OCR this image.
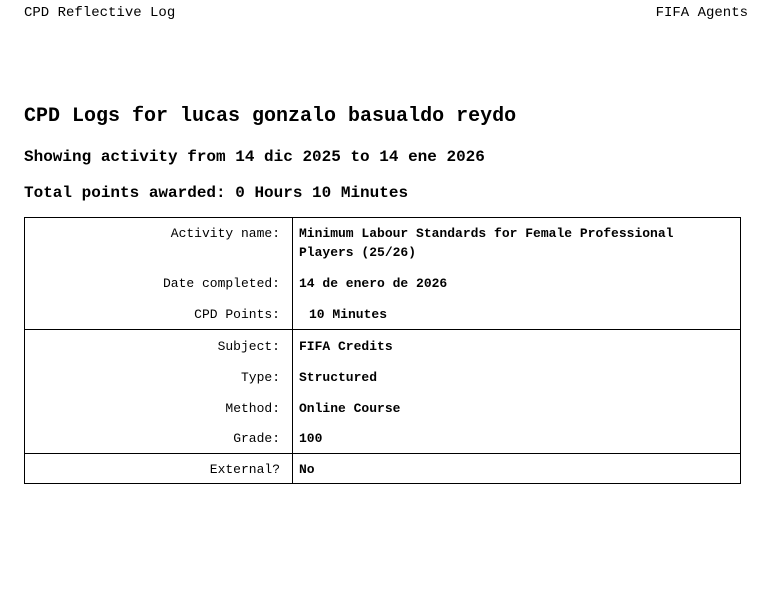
CPD Reflective Log	FIFA Agents
CPD Logs for lucas gonzalo basualdo reydo
Showing activity from 14 dic 2025 to 14 ene 2026
Total points awarded: 0 Hours 10 Minutes
Activity name:	Minimum Labour Standards for Female Professional Players (25/26)
Date completed:	14 de enero de 2026
CPD Points:	10 Minutes
Subject:	FIFA Credits
Type:	Structured
Method:	Online Course
Grade:	100
External?	No
